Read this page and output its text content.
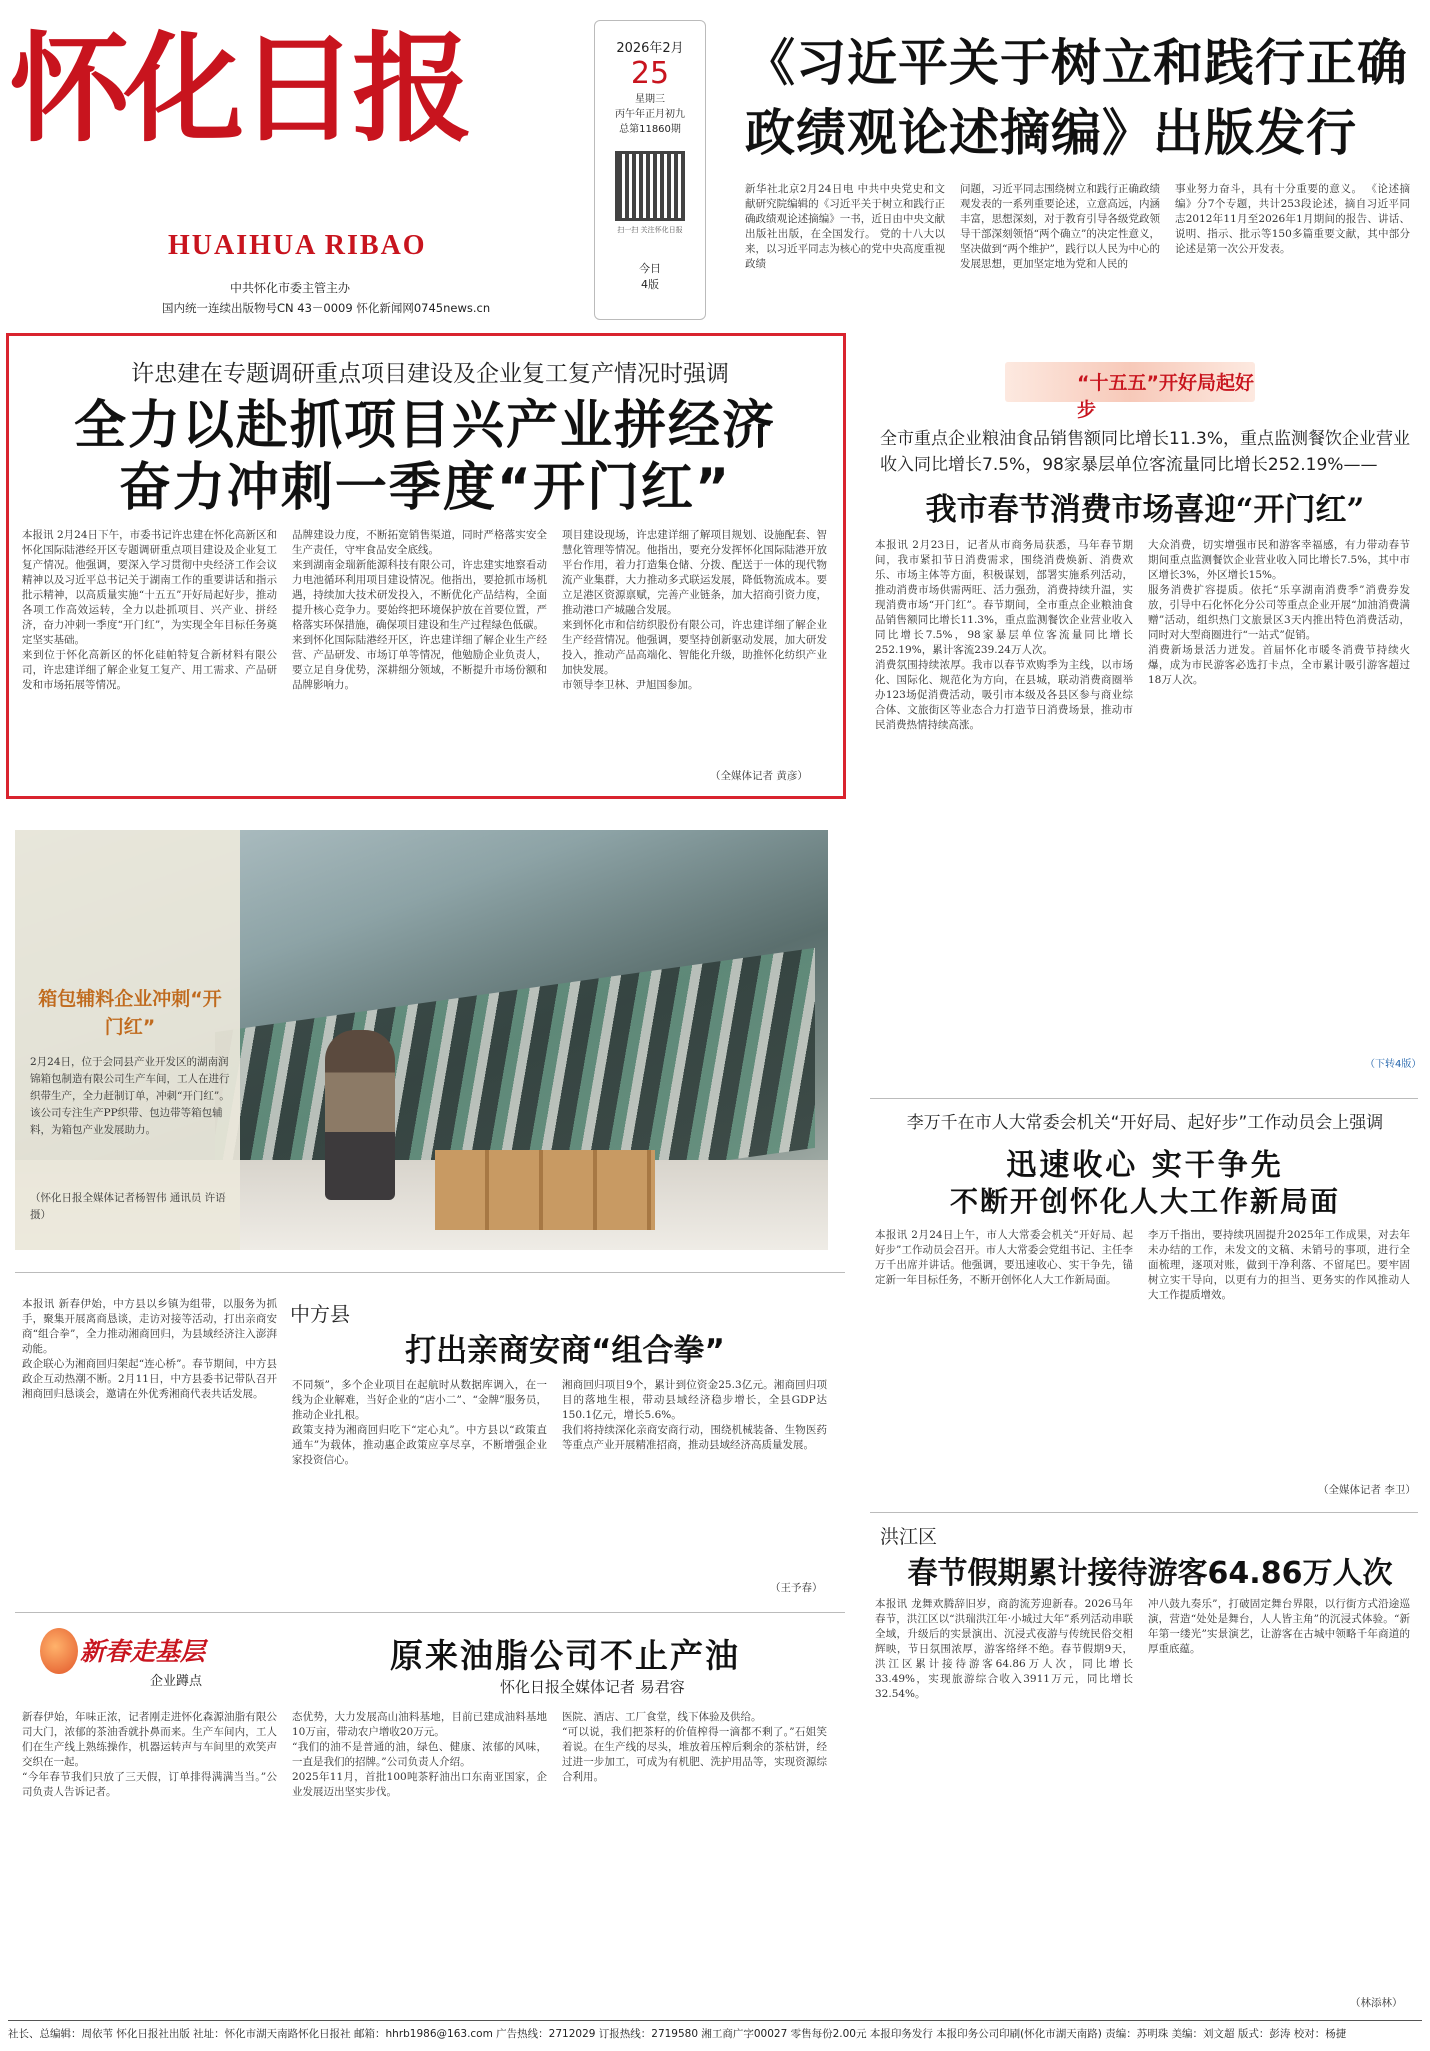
怀化日报
HUAIHUA RIBAO
中共怀化市委主管主办
国内统一连续出版物号CN 43－0009 怀化新闻网0745news.cn
2026年2月
25
星期三
丙午年正月初九
总第11860期
扫一扫 关注怀化日报
今日
4版
《习近平关于树立和践行正确政绩观论述摘编》出版发行
新华社北京2月24日电 中共中央党史和文献研究院编辑的《习近平关于树立和践行正确政绩观论述摘编》一书，近日由中央文献出版社出版，在全国发行。 党的十八大以来，以习近平同志为核心的党中央高度重视政绩
问题，习近平同志围绕树立和践行正确政绩观发表的一系列重要论述，立意高远，内涵丰富，思想深刻，对于教育引导各级党政领导干部深刻领悟“两个确立”的决定性意义，坚决做到“两个维护”，践行以人民为中心的发展思想，更加坚定地为党和人民的
事业努力奋斗，具有十分重要的意义。 《论述摘编》分7个专题，共计253段论述，摘自习近平同志2012年11月至2026年1月期间的报告、讲话、说明、指示、批示等150多篇重要文献，其中部分论述是第一次公开发表。
许忠建在专题调研重点项目建设及企业复工复产情况时强调
全力以赴抓项目兴产业拼经济
奋力冲刺一季度“开门红”
本报讯 2月24日下午，市委书记许忠建在怀化高新区和怀化国际陆港经开区专题调研重点项目建设及企业复工复产情况。他强调，要深入学习贯彻中央经济工作会议精神以及习近平总书记关于湖南工作的重要讲话和指示批示精神，以高质量实施“十五五”开好局起好步，推动各项工作高效运转，全力以赴抓项目、兴产业、拼经济，奋力冲刺一季度“开门红”，为实现全年目标任务奠定坚实基础。
来到位于怀化高新区的怀化硅帕特复合新材料有限公司，许忠建详细了解企业复工复产、用工需求、产品研发和市场拓展等情况。
品牌建设力度，不断拓宽销售渠道，同时严格落实安全生产责任，守牢食品安全底线。
来到湖南金瑞新能源科技有限公司，许忠建实地察看动力电池循环利用项目建设情况。他指出，要抢抓市场机遇，持续加大技术研发投入，不断优化产品结构，全面提升核心竞争力。要始终把环境保护放在首要位置，严格落实环保措施，确保项目建设和生产过程绿色低碳。
来到怀化国际陆港经开区，许忠建详细了解企业生产经营、产品研发、市场订单等情况，他勉励企业负责人，要立足自身优势，深耕细分领域，不断提升市场份额和品牌影响力。
项目建设现场，许忠建详细了解项目规划、设施配套、智慧化管理等情况。他指出，要充分发挥怀化国际陆港开放平台作用，着力打造集仓储、分拨、配送于一体的现代物流产业集群，大力推动多式联运发展，降低物流成本。要立足港区资源禀赋，完善产业链条，加大招商引资力度，推动港口产城融合发展。
来到怀化市和信纺织股份有限公司，许忠建详细了解企业生产经营情况。他强调，要坚持创新驱动发展，加大研发投入，推动产品高端化、智能化升级，助推怀化纺织产业加快发展。
市领导李卫林、尹旭国参加。
（全媒体记者 黄彦）
“十五五”开好局起好步
全市重点企业粮油食品销售额同比增长11.3%，重点监测餐饮企业营业收入同比增长7.5%，98家暴层单位客流量同比增长252.19%——
我市春节消费市场喜迎“开门红”
本报讯 2月23日，记者从市商务局获悉，马年春节期间，我市紧扣节日消费需求，围绕消费焕新、消费欢乐、市场主体等方面，积极谋划，部署实施系列活动，推动消费市场供需两旺、活力强劲，消费持续升温，实现消费市场“开门红”。春节期间，全市重点企业粮油食品销售额同比增长11.3%，重点监测餐饮企业营业收入同比增长7.5%，98家暴层单位客流量同比增长252.19%，累计客流239.24万人次。
消费氛围持续浓厚。我市以春节欢购季为主线，以市场化、国际化、规范化为方向，在县城，联动消费商圈举办123场促消费活动，吸引市本级及各县区参与商业综合体、文旅街区等业态合力打造节日消费场景，推动市民消费热情持续高涨。
大众消费，切实增强市民和游客幸福感，有力带动春节期间重点监测餐饮企业营业收入同比增长7.5%，其中市区增长3%，外区增长15%。
服务消费扩容提质。依托“乐享湖南消费季”消费券发放，引导中石化怀化分公司等重点企业开展“加油消费满赠”活动，组织热门文旅景区3天内推出特色消费活动，同时对大型商圈进行“一站式”促销。
消费新场景活力迸发。首届怀化市暖冬消费节持续火爆，成为市民游客必选打卡点，全市累计吸引游客超过18万人次。
（下转4版）
箱包辅料企业冲刺“开门红”
2月24日，位于会同县产业开发区的湖南润锦箱包制造有限公司生产车间，工人在进行织带生产，全力赶制订单，冲刺“开门红”。该公司专注生产PP织带、包边带等箱包辅料，为箱包产业发展助力。
（怀化日报全媒体记者杨智伟 通讯员 许语 摄）
李万千在市人大常委会机关“开好局、起好步”工作动员会上强调
迅速收心 实干争先
不断开创怀化人大工作新局面
本报讯 2月24日上午，市人大常委会机关“开好局、起好步”工作动员会召开。市人大常委会党组书记、主任李万千出席并讲话。他强调，要迅速收心、实干争先，锚定新一年目标任务，不断开创怀化人大工作新局面。
李万千指出，要持续巩固提升2025年工作成果，对去年未办结的工作，未发文的文稿、未销号的事项，进行全面梳理，逐项对账，做到干净利落、不留尾巴。要牢固树立实干导向，以更有力的担当、更务实的作风推动人大工作提质增效。
（全媒体记者 李卫）
本报讯 新春伊始，中方县以乡镇为组带，以服务为抓手，聚集开展离商恳谈，走访对接等活动，打出亲商安商“组合拳”，全力推动湘商回归，为县域经济注入澎湃动能。
政企联心为湘商回归架起“连心桥”。春节期间，中方县政企互动热潮不断。2月11日，中方县委书记带队召开湘商回归恳谈会，邀请在外优秀湘商代表共话发展。
中方县
打出亲商安商“组合拳”
不同频”，多个企业项目在起航时从数据库调入，在一线为企业解难，当好企业的“店小二”、“金牌”服务员，推动企业扎根。
政策支持为湘商回归吃下“定心丸”。中方县以“政策直通车”为载体，推动惠企政策应享尽享，不断增强企业家投资信心。
湘商回归项目9个，累计到位资金25.3亿元。湘商回归项目的落地生根，带动县域经济稳步增长，全县GDP达150.1亿元，增长5.6%。
我们将持续深化亲商安商行动，围绕机械装备、生物医药等重点产业开展精准招商，推动县域经济高质量发展。
（王予春）
洪江区
春节假期累计接待游客64.86万人次
本报讯 龙舞欢腾辞旧岁，商韵流芳迎新春。2026马年春节，洪江区以“洪瑞洪江年·小城过大年”系列活动串联全域，升级后的实景演出、沉浸式夜游与传统民俗交相辉映，节日氛围浓厚，游客络绎不绝。春节假期9天，洪江区累计接待游客64.86万人次，同比增长33.49%，实现旅游综合收入3911万元，同比增长32.54%。
冲八鼓九奏乐”，打破固定舞台界限，以行街方式沿途巡演，营造“处处是舞台，人人皆主角”的沉浸式体验。“新年第一缕光”实景演艺，让游客在古城中领略千年商道的厚重底蕴。
（林添林）
新春走基层
企业蹲点
原来油脂公司不止产油
怀化日报全媒体记者 易君容
新春伊始，年味正浓，记者刚走进怀化森源油脂有限公司大门，浓郁的茶油香就扑鼻而来。生产车间内，工人们在生产线上熟练操作，机器运转声与车间里的欢笑声交织在一起。
“今年春节我们只放了三天假，订单排得满满当当。”公司负责人告诉记者。
态优势，大力发展高山油料基地，目前已建成油料基地10万亩，带动农户增收20万元。
“我们的油不是普通的油，绿色、健康、浓郁的风味，一直是我们的招牌。”公司负责人介绍。
2025年11月，首批100吨茶籽油出口东南亚国家，企业发展迈出坚实步伐。
医院、酒店、工厂食堂，线下体验及供给。
“可以说，我们把茶籽的价值榨得一滴都不剩了。”石姐笑着说。在生产线的尽头，堆放着压榨后剩余的茶枯饼，经过进一步加工，可成为有机肥、洗护用品等，实现资源综合利用。
社长、总编辑：周依苇 怀化日报社出版 社址：怀化市湖天南路怀化日报社 邮箱：hhrb1986@163.com 广告热线：2712029 订报热线：2719580 湘工商广字00027 零售每份2.00元 本报印务发行 本报印务公司印刷(怀化市湖天南路) 责编：苏明珠 美编：刘文超 版式：彭涛 校对：杨捷
